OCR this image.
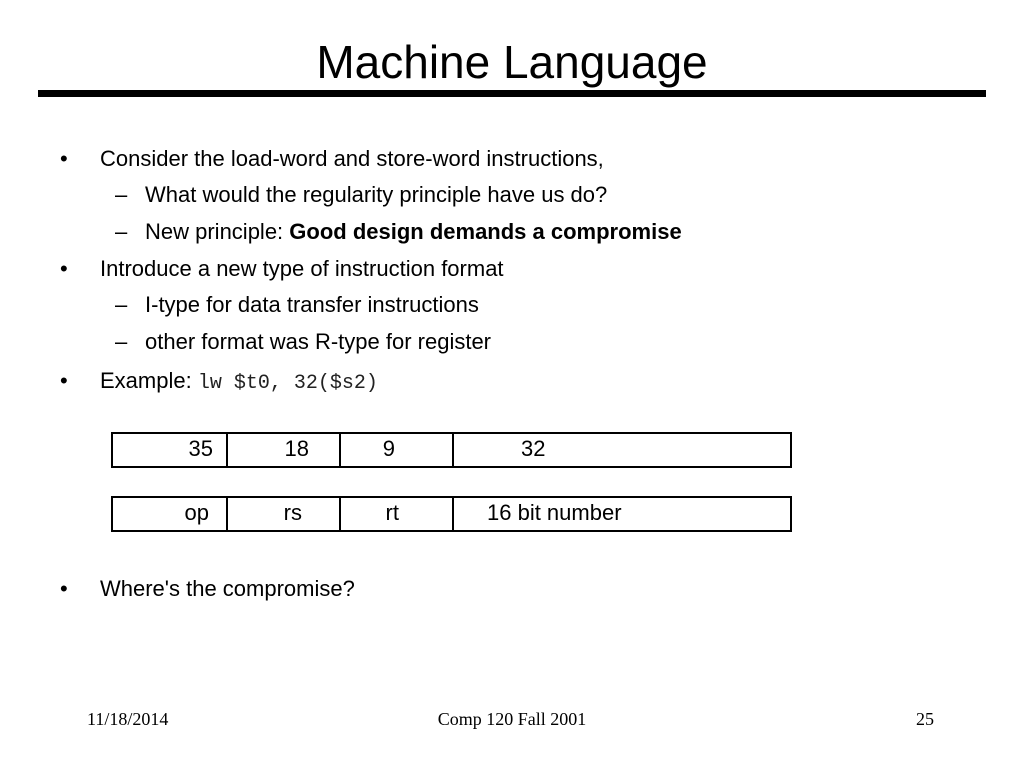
Machine Language
• Consider the load-word and store-word instructions,
– What would the regularity principle have us do?
– New principle: Good design demands a compromise
• Introduce a new type of instruction format
– I-type for data transfer instructions
– other format was R-type for register
• Example: lw $t0, 32($s2)
35	18	9	32
op	rs	rt	16 bit number
• Where's the compromise?
11/18/2014	Comp 120 Fall 2001	25
